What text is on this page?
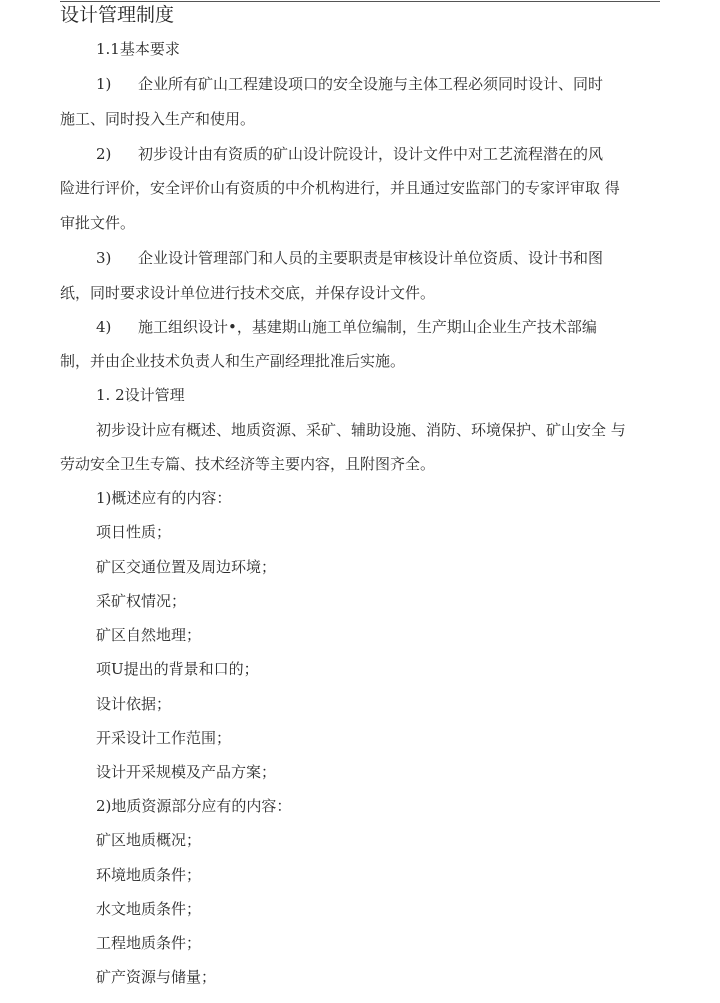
设计管理制度
1.1基本要求
1) 企业所有矿山工程建设项口的安全设施与主体工程必须同时设计、同时
施工、同时投入生产和使用。
2) 初步设计由有资质的矿山设计院设计，设计文件中对工艺流程潜在的风
险进行评价，安全评价山有资质的中介机构进行，并且通过安监部门的专家评审取 得
审批文件。
3) 企业设计管理部门和人员的主要职责是审核设计单位资质、设计书和图
纸，同时要求设计单位进行技术交底，并保存设计文件。
4) 施工组织设计•，基建期山施工单位编制，生产期山企业生产技术部编
制，并由企业技术负责人和生产副经理批准后实施。
1. 2设计管理
初步设计应有概述、地质资源、采矿、辅助设施、消防、环境保护、矿山安全 与
劳动安全卫生专篇、技术经济等主要内容，且附图齐全。
1)概述应有的内容：
项日性质；
矿区交通位置及周边环境；
采矿权情况；
矿区自然地理；
项U提出的背景和口的；
设计依据；
开采设计工作范围；
设计开采规模及产品方案；
2)地质资源部分应有的内容：
矿区地质概况；
环境地质条件；
水文地质条件；
工程地质条件；
矿产资源与储量；
